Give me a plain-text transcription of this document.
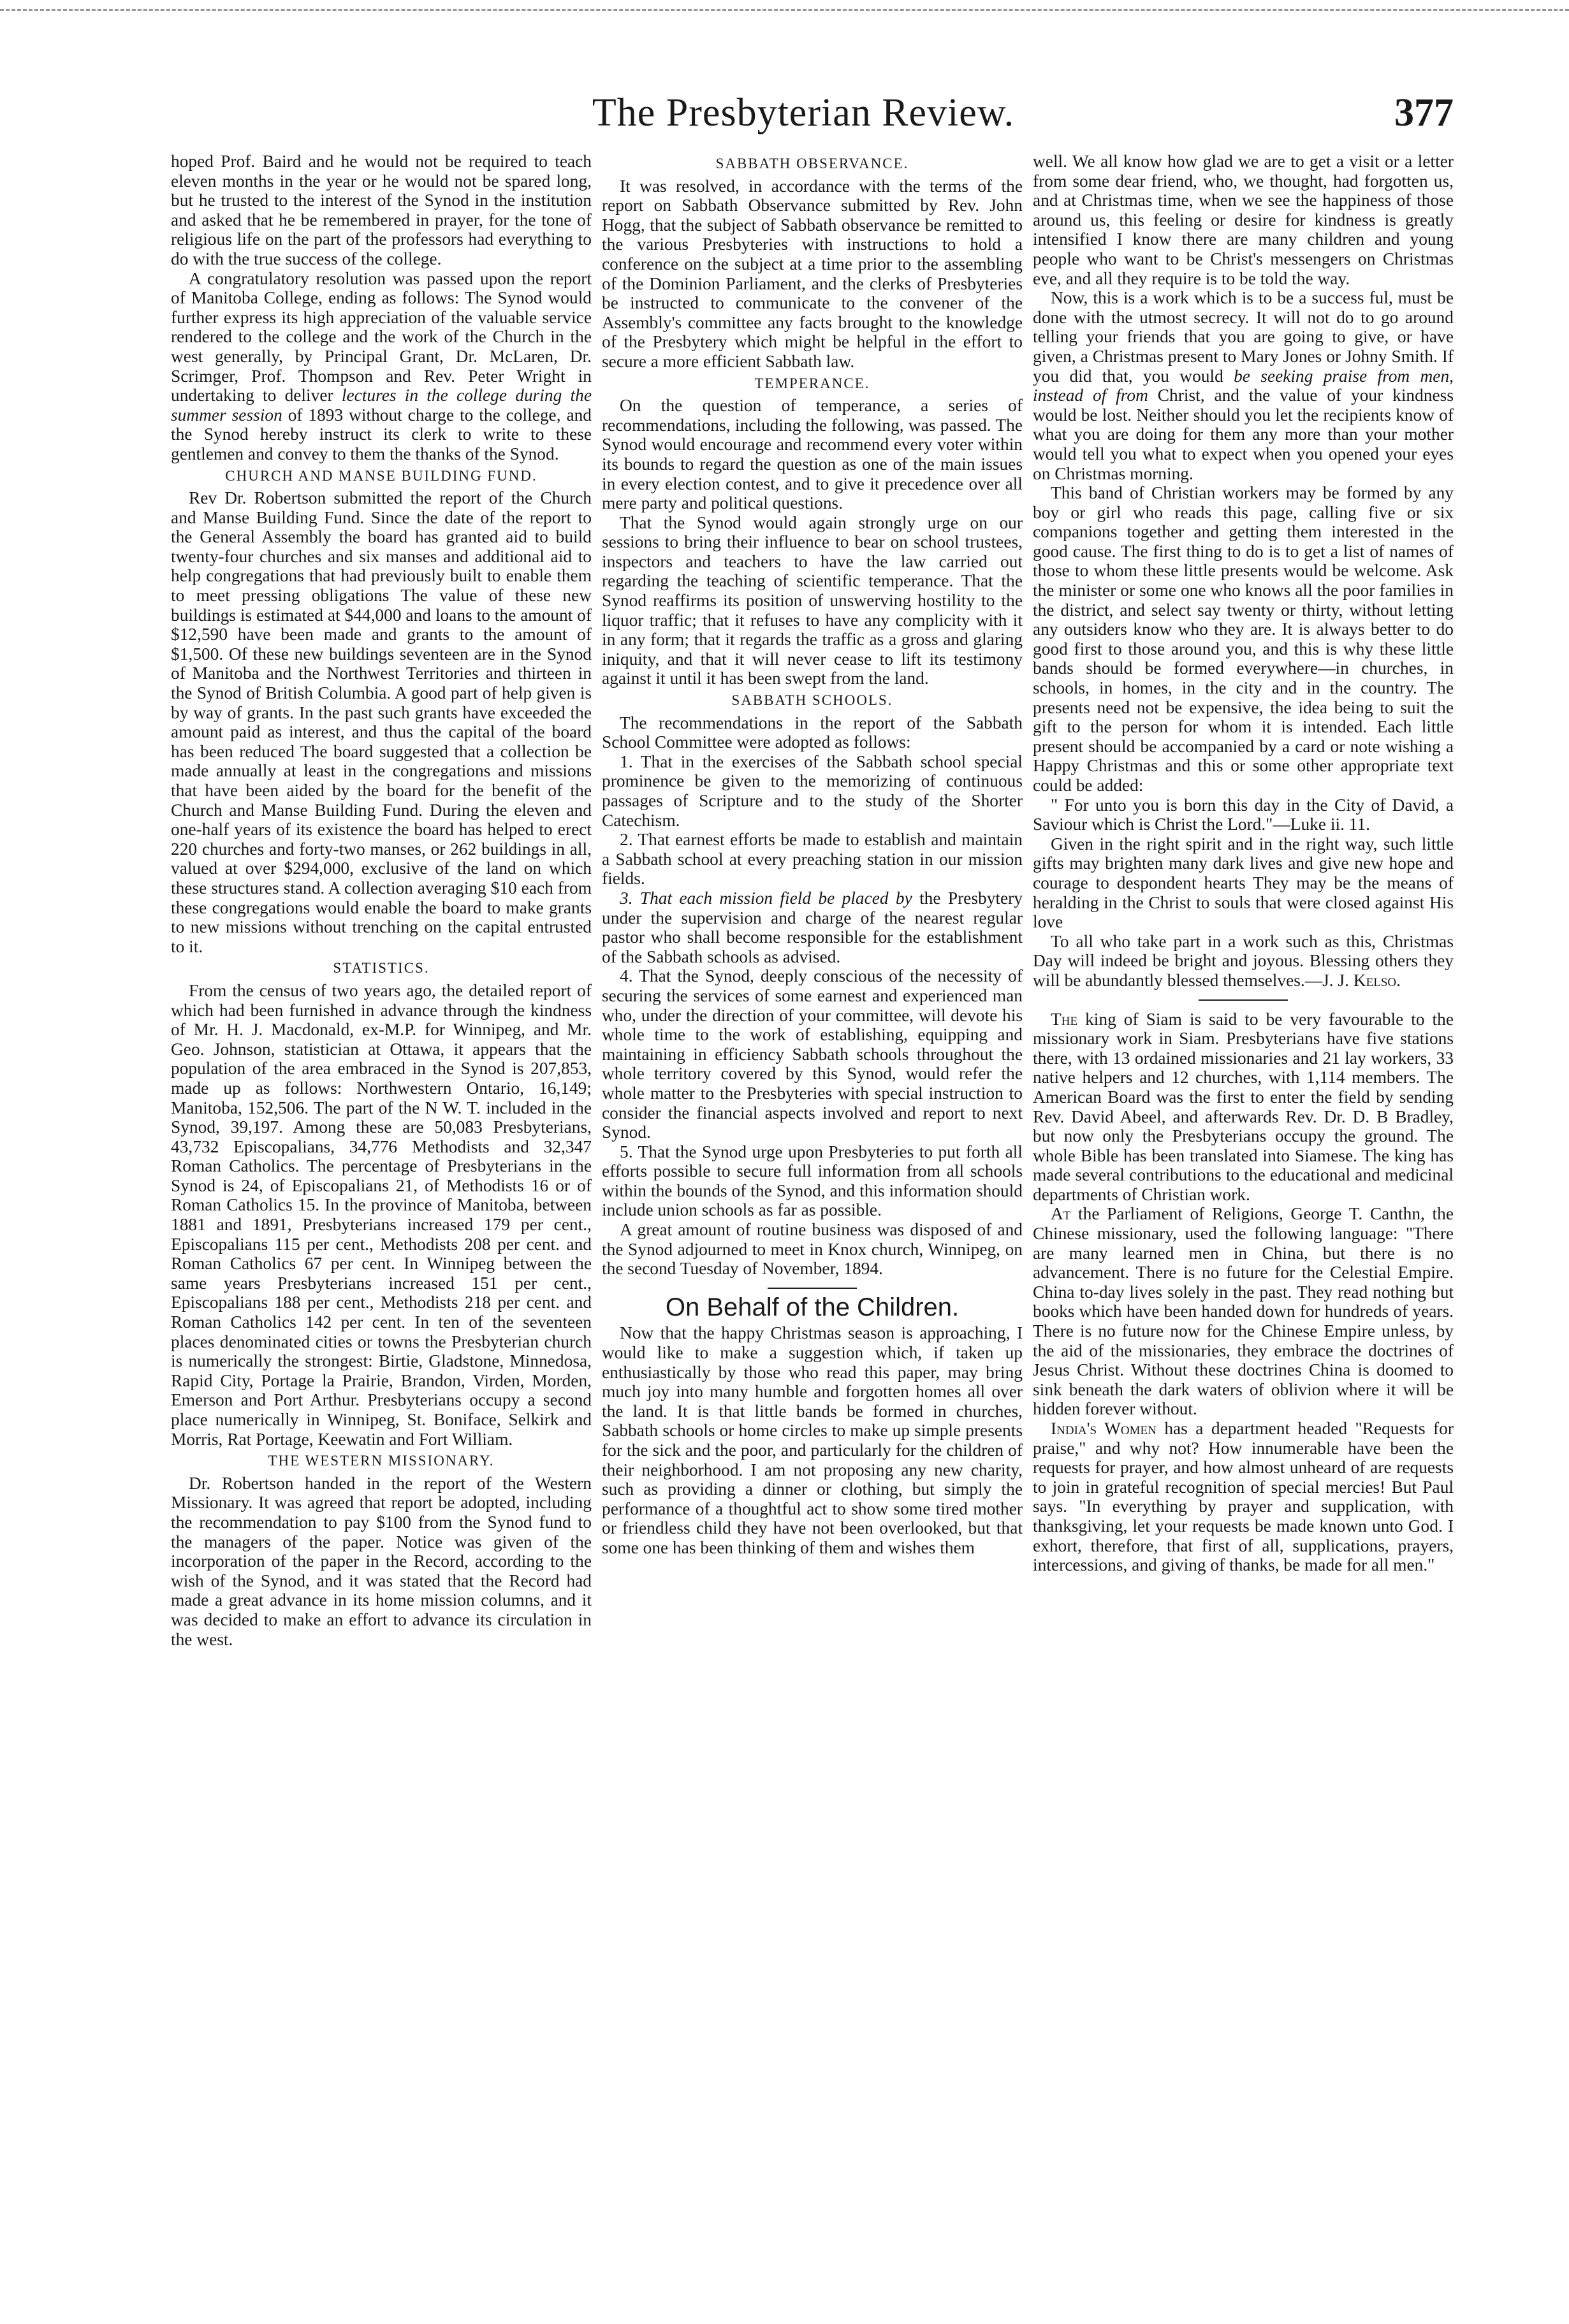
The Presbyterian Review.	377

hoped Prof. Baird and he would not be required to teach eleven months in the year or he would not be spared long, but he trusted to the interest of the Synod in the institution and asked that he be remembered in prayer, for the tone of religious life on the part of the professors had everything to do with the true success of the college.

A congratulatory resolution was passed upon the report of Manitoba College, ending as follows: The Synod would further express its high appreciation of the valuable service rendered to the college and the work of the Church in the west generally, by Principal Grant, Dr. McLaren, Dr. Scrimger, Prof. Thompson and Rev. Peter Wright in undertaking to deliver lectures in the college during the summer session of 1893 without charge to the college, and the Synod hereby instruct its clerk to write to these gentlemen and convey to them the thanks of the Synod.

CHURCH AND MANSE BUILDING FUND.

Rev Dr. Robertson submitted the report of the Church and Manse Building Fund. Since the date of the report to the General Assembly the board has granted aid to build twenty-four churches and six manses and additional aid to help congregations that had previously built to enable them to meet pressing obligations The value of these new buildings is estimated at $44,000 and loans to the amount of $12,590 have been made and grants to the amount of $1,500. Of these new buildings seventeen are in the Synod of Manitoba and the Northwest Territories and thirteen in the Synod of British Columbia. A good part of help given is by way of grants. In the past such grants have exceeded the amount paid as interest, and thus the capital of the board has been reduced The board suggested that a collection be made annually at least in the congregations and missions that have been aided by the board for the benefit of the Church and Manse Building Fund. During the eleven and one-half years of its existence the board has helped to erect 220 churches and forty-two manses, or 262 buildings in all, valued at over $294,000, exclusive of the land on which these structures stand. A collection averaging $10 each from these congregations would enable the board to make grants to new missions without trenching on the capital entrusted to it.

STATISTICS.

From the census of two years ago, the detailed report of which had been furnished in advance through the kindness of Mr. H. J. Macdonald, ex-M.P. for Winnipeg, and Mr. Geo. Johnson, statistician at Ottawa, it appears that the population of the area embraced in the Synod is 207,853, made up as follows: Northwestern Ontario, 16,149; Manitoba, 152,506. The part of the N W. T. included in the Synod, 39,197. Among these are 50,083 Presbyterians, 43,732 Episcopalians, 34,776 Methodists and 32,347 Roman Catholics. The percentage of Presbyterians in the Synod is 24, of Episcopalians 21, of Methodists 16 or of Roman Catholics 15. In the province of Manitoba, between 1881 and 1891, Presbyterians increased 179 per cent., Episcopalians 115 per cent., Methodists 208 per cent. and Roman Catholics 67 per cent. In Winnipeg between the same years Presbyterians increased 151 per cent., Episcopalians 188 per cent., Methodists 218 per cent. and Roman Catholics 142 per cent. In ten of the seventeen places denominated cities or towns the Presbyterian church is numerically the strongest: Birtie, Gladstone, Minnedosa, Rapid City, Portage la Prairie, Brandon, Virden, Morden, Emerson and Port Arthur. Presbyterians occupy a second place numerically in Winnipeg, St. Boniface, Selkirk and Morris, Rat Portage, Keewatin and Fort William.

THE WESTERN MISSIONARY.

Dr. Robertson handed in the report of the Western Missionary. It was agreed that report be adopted, including the recommendation to pay $100 from the Synod fund to the managers of the paper. Notice was given of the incorporation of the paper in the Record, according to the wish of the Synod, and it was stated that the Record had made a great advance in its home mission columns, and it was decided to make an effort to advance its circulation in the west.

SABBATH OBSERVANCE.

It was resolved, in accordance with the terms of the report on Sabbath Observance submitted by Rev. John Hogg, that the subject of Sabbath observance be remitted to the various Presbyteries with instructions to hold a conference on the subject at a time prior to the assembling of the Dominion Parliament, and the clerks of Presbyteries be instructed to communicate to the convener of the Assembly's committee any facts brought to the knowledge of the Presbytery which might be helpful in the effort to secure a more efficient Sabbath law.

TEMPERANCE.

On the question of temperance, a series of recommendations, including the following, was passed. The Synod would encourage and recommend every voter within its bounds to regard the question as one of the main issues in every election contest, and to give it precedence over all mere party and political questions.

That the Synod would again strongly urge on our sessions to bring their influence to bear on school trustees, inspectors and teachers to have the law carried out regarding the teaching of scientific temperance. That the Synod reaffirms its position of unswerving hostility to the liquor traffic; that it refuses to have any complicity with it in any form; that it regards the traffic as a gross and glaring iniquity, and that it will never cease to lift its testimony against it until it has been swept from the land.

SABBATH SCHOOLS.

The recommendations in the report of the Sabbath School Committee were adopted as follows:

1. That in the exercises of the Sabbath school special prominence be given to the memorizing of continuous passages of Scripture and to the study of the Shorter Catechism.

2. That earnest efforts be made to establish and maintain a Sabbath school at every preaching station in our mission fields.

3. That each mission field be placed by the Presbytery under the supervision and charge of the nearest regular pastor who shall become responsible for the establishment of the Sabbath schools as advised.

4. That the Synod, deeply conscious of the necessity of securing the services of some earnest and experienced man who, under the direction of your committee, will devote his whole time to the work of establishing, equipping and maintaining in efficiency Sabbath schools throughout the whole territory covered by this Synod, would refer the whole matter to the Presbyteries with special instruction to consider the financial aspects involved and report to next Synod.

5. That the Synod urge upon Presbyteries to put forth all efforts possible to secure full information from all schools within the bounds of the Synod, and this information should include union schools as far as possible.

A great amount of routine business was disposed of and the Synod adjourned to meet in Knox church, Winnipeg, on the second Tuesday of November, 1894.

On Behalf of the Children.

Now that the happy Christmas season is approaching, I would like to make a suggestion which, if taken up enthusiastically by those who read this paper, may bring much joy into many humble and forgotten homes all over the land. It is that little bands be formed in churches, Sabbath schools or home circles to make up simple presents for the sick and the poor, and particularly for the children of their neighborhood. I am not proposing any new charity, such as providing a dinner or clothing, but simply the performance of a thoughtful act to show some tired mother or friendless child they have not been overlooked, but that some one has been thinking of them and wishes them

well. We all know how glad we are to get a visit or a letter from some dear friend, who, we thought, had forgotten us, and at Christmas time, when we see the happiness of those around us, this feeling or desire for kindness is greatly intensified I know there are many children and young people who want to be Christ's messengers on Christmas eve, and all they require is to be told the way.

Now, this is a work which is to be a success ful, must be done with the utmost secrecy. It will not do to go around telling your friends that you are going to give, or have given, a Christmas present to Mary Jones or Johny Smith. If you did that, you would be seeking praise from men, instead of from Christ, and the value of your kindness would be lost. Neither should you let the recipients know of what you are doing for them any more than your mother would tell you what to expect when you opened your eyes on Christmas morning.

This band of Christian workers may be formed by any boy or girl who reads this page, calling five or six companions together and getting them interested in the good cause. The first thing to do is to get a list of names of those to whom these little presents would be welcome. Ask the minister or some one who knows all the poor families in the district, and select say twenty or thirty, without letting any outsiders know who they are. It is always better to do good first to those around you, and this is why these little bands should be formed everywhere—in churches, in schools, in homes, in the city and in the country. The presents need not be expensive, the idea being to suit the gift to the person for whom it is intended. Each little present should be accompanied by a card or note wishing a Happy Christmas and this or some other appropriate text could be added:

" For unto you is born this day in the City of David, a Saviour which is Christ the Lord."—Luke ii. 11.

Given in the right spirit and in the right way, such little gifts may brighten many dark lives and give new hope and courage to despondent hearts They may be the means of heralding in the Christ to souls that were closed against His love

To all who take part in a work such as this, Christmas Day will indeed be bright and joyous. Blessing others they will be abundantly blessed themselves.—J. J. Kelso.

The king of Siam is said to be very favourable to the missionary work in Siam. Presbyterians have five stations there, with 13 ordained missionaries and 21 lay workers, 33 native helpers and 12 churches, with 1,114 members. The American Board was the first to enter the field by sending Rev. David Abeel, and afterwards Rev. Dr. D. B Bradley, but now only the Presbyterians occupy the ground. The whole Bible has been translated into Siamese. The king has made several contributions to the educational and medicinal departments of Christian work.

At the Parliament of Religions, George T. Canthn, the Chinese missionary, used the following language: "There are many learned men in China, but there is no advancement. There is no future for the Celestial Empire. China to-day lives solely in the past. They read nothing but books which have been handed down for hundreds of years. There is no future now for the Chinese Empire unless, by the aid of the missionaries, they embrace the doctrines of Jesus Christ. Without these doctrines China is doomed to sink beneath the dark waters of oblivion where it will be hidden forever without.

India's Women has a department headed "Requests for praise," and why not? How innumerable have been the requests for prayer, and how almost unheard of are requests to join in grateful recognition of special mercies! But Paul says. "In everything by prayer and supplication, with thanksgiving, let your requests be made known unto God. I exhort, therefore, that first of all, supplications, prayers, intercessions, and giving of thanks, be made for all men."
